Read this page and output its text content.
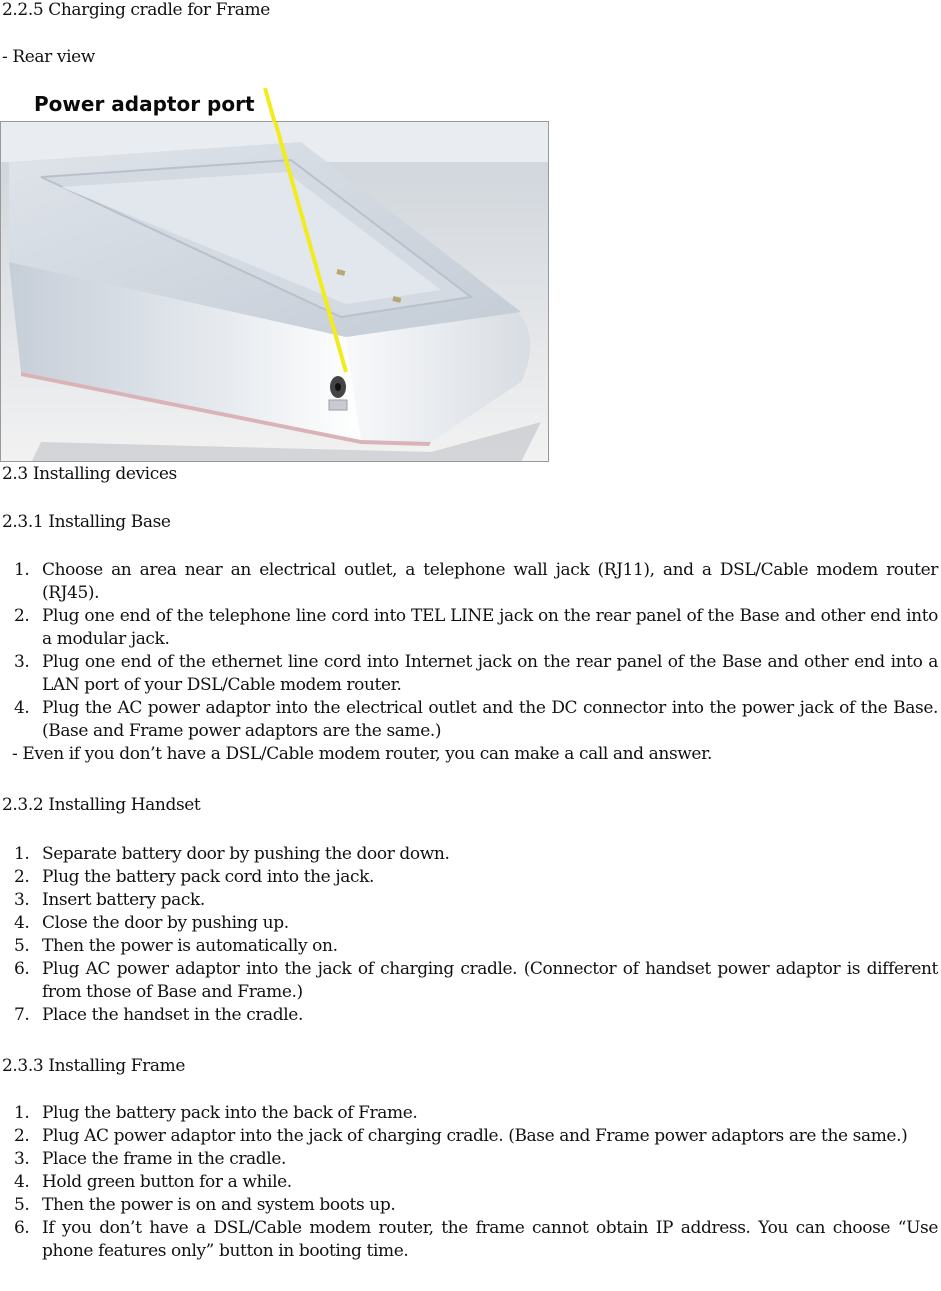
2.2.5 Charging cradle for Frame
- Rear view
Power adaptor port
2.3 Installing devices
2.3.1 Installing Base
1. Choose an area near an electrical outlet, a telephone wall jack (RJ11), and a DSL/Cable modem router (RJ45).
2. Plug one end of the telephone line cord into TEL LINE jack on the rear panel of the Base and other end into a modular jack.
3. Plug one end of the ethernet line cord into Internet jack on the rear panel of the Base and other end into a LAN port of your DSL/Cable modem router.
4. Plug the AC power adaptor into the electrical outlet and the DC connector into the power jack of the Base. (Base and Frame power adaptors are the same.)
- Even if you don’t have a DSL/Cable modem router, you can make a call and answer.
2.3.2 Installing Handset
1. Separate battery door by pushing the door down.
2. Plug the battery pack cord into the jack.
3. Insert battery pack.
4. Close the door by pushing up.
5. Then the power is automatically on.
6. Plug AC power adaptor into the jack of charging cradle. (Connector of handset power adaptor is different from those of Base and Frame.)
7. Place the handset in the cradle.
2.3.3 Installing Frame
1. Plug the battery pack into the back of Frame.
2. Plug AC power adaptor into the jack of charging cradle. (Base and Frame power adaptors are the same.)
3. Place the frame in the cradle.
4. Hold green button for a while.
5. Then the power is on and system boots up.
6. If you don’t have a DSL/Cable modem router, the frame cannot obtain IP address. You can choose “Use phone features only” button in booting time.
